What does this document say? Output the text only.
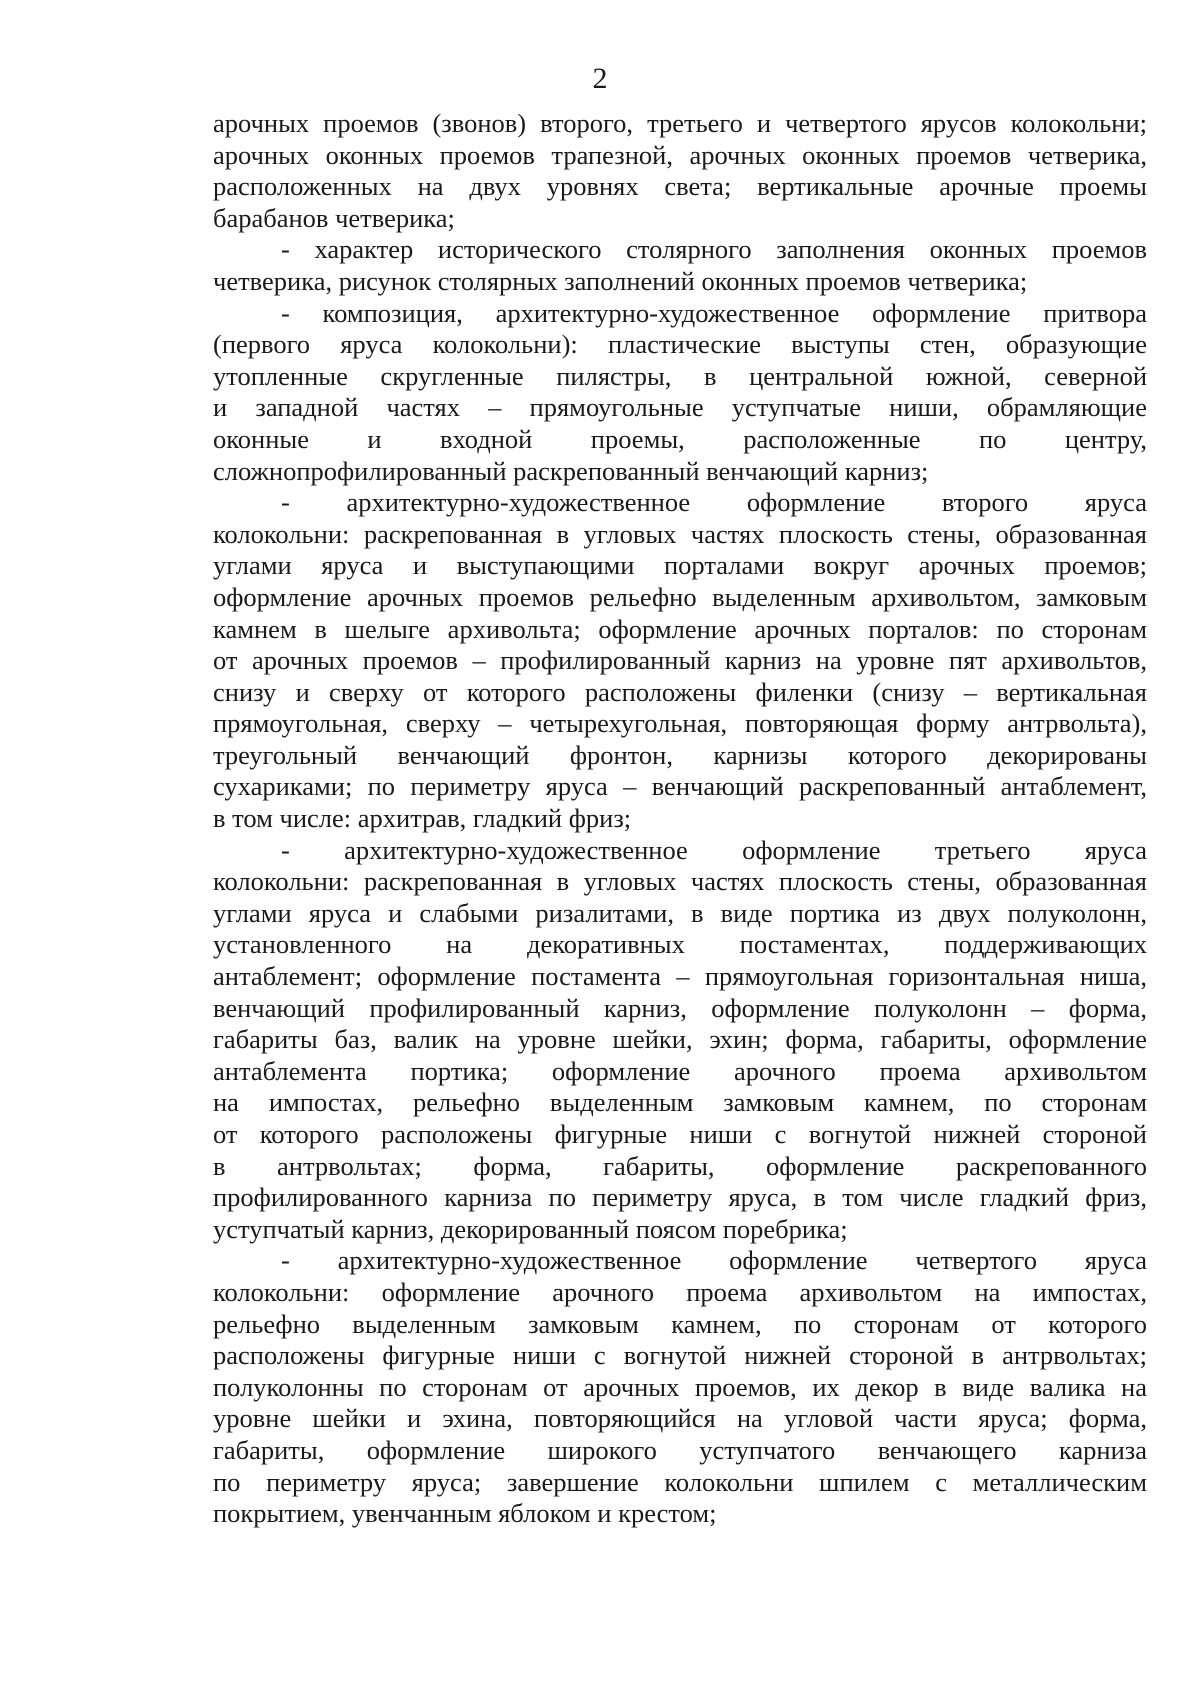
2
арочных проемов (звонов) второго, третьего и четвертого ярусов колокольни;
арочных оконных проемов трапезной, арочных оконных проемов четверика,
расположенных на двух уровнях света; вертикальные арочные проемы
барабанов четверика;
- характер исторического столярного заполнения оконных проемов
четверика, рисунок столярных заполнений оконных проемов четверика;
- композиция, архитектурно-художественное оформление притвора
(первого яруса колокольни): пластические выступы стен, образующие
утопленные скругленные пилястры, в центральной южной, северной
и западной частях – прямоугольные уступчатые ниши, обрамляющие
оконные и входной проемы, расположенные по центру,
сложнопрофилированный раскрепованный венчающий карниз;
- архитектурно-художественное оформление второго яруса
колокольни: раскрепованная в угловых частях плоскость стены, образованная
углами яруса и выступающими порталами вокруг арочных проемов;
оформление арочных проемов рельефно выделенным архивольтом, замковым
камнем в шелыге архивольта; оформление арочных порталов: по сторонам
от арочных проемов – профилированный карниз на уровне пят архивольтов,
снизу и сверху от которого расположены филенки (снизу – вертикальная
прямоугольная, сверху – четырехугольная, повторяющая форму антрвольта),
треугольный венчающий фронтон, карнизы которого декорированы
сухариками; по периметру яруса – венчающий раскрепованный антаблемент,
в том числе: архитрав, гладкий фриз;
- архитектурно-художественное оформление третьего яруса
колокольни: раскрепованная в угловых частях плоскость стены, образованная
углами яруса и слабыми ризалитами, в виде портика из двух полуколонн,
установленного на декоративных постаментах, поддерживающих
антаблемент; оформление постамента – прямоугольная горизонтальная ниша,
венчающий профилированный карниз, оформление полуколонн – форма,
габариты баз, валик на уровне шейки, эхин; форма, габариты, оформление
антаблемента портика; оформление арочного проема архивольтом
на импостах, рельефно выделенным замковым камнем, по сторонам
от которого расположены фигурные ниши с вогнутой нижней стороной
в антрвольтах; форма, габариты, оформление раскрепованного
профилированного карниза по периметру яруса, в том числе гладкий фриз,
уступчатый карниз, декорированный поясом поребрика;
- архитектурно-художественное оформление четвертого яруса
колокольни: оформление арочного проема архивольтом на импостах,
рельефно выделенным замковым камнем, по сторонам от которого
расположены фигурные ниши с вогнутой нижней стороной в антрвольтах;
полуколонны по сторонам от арочных проемов, их декор в виде валика на
уровне шейки и эхина, повторяющийся на угловой части яруса; форма,
габариты, оформление широкого уступчатого венчающего карниза
по периметру яруса; завершение колокольни шпилем с металлическим
покрытием, увенчанным яблоком и крестом;
